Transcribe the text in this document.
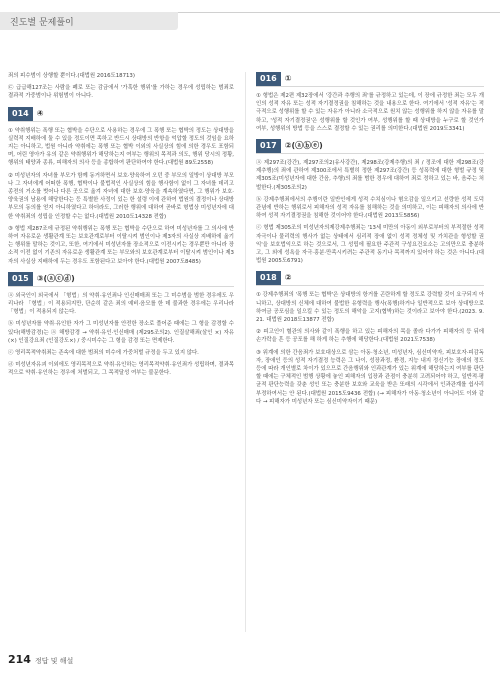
진도별 문제풀이

죄의 피수범이 상행할 뿐이다.(대법원 2016도18713)

㉢ 급급해127조는 사람을 폐로 또는 감금에서 '가혹한 행위'를 가하는 경우에 성립하는 범죄로 결과적 가중범이나 위험범이 아니다.

014	④

① 약취행위는 폭행 또는 협박을 수단으로 사용하는 경우에 그 폭행 또는 협박의 정도는 상대방을 실력적 지배하에 둘 수 있을 정도이면 족하고 반드시 상대방의 반항을 억압할 정도의 것임을 요하지는 아니하고, 법원 아니라 약취에는 폭행 또는 협박 이외의 사실상의 힘에 의한 경우도 포함되며, 어린 영아가 유의 같은 약취행위가 해당하는지 여부는 행위의 목적과 의도, 행위 당시의 정황, 행위의 태양과 종류, 피해자의 의사 등을 종합하여 판단하여야 한다.(대법원 89도2558)

② 미성년자의 자녀를 부모가 함께 동거하면서 보호·양육하여 오던 중 부모의 일방이 상대방 부모나 그 자녀에게 어떠한 폭행, 협박이나 불법적인 사실상의 힘을 행사함이 없이 그 자녀를 데리고 종전의 거소를 벗어나 다른 곳으로 옮겨 자녀에 대한 보호·양육을 계속하였다면, 그 행위가 보호·양육권의 남용에 해당한다는 등 특별한 사정이 있는 한 설령 이에 관하여 법원의 결정이나 상대방 부모의 동의를 얻지 아니하였다고 하더라도, 그러한 행위에 대하여 곧바로 형법상 미성년자에 대한 약취죄의 성립을 인정할 수는 없다.(대법원 2010도14328 전합)

③ 형법 제287조에 규정된 약취행위는 폭행 또는 협박을 수단으로 하여 미성년자를 그 의사에 반하여 자유로운 생활관계 또는 보호관계로부터 이탈시켜 범인이나 제3자의 사실상 지배하에 옮기는 행위를 말하는 것이고, 또한, 여기에서 미성년자를 장소적으로 이전시키는 경우뿐만 아니라 장소적 이전 없이 기존의 자유로운 생활관계 또는 부모와의 보호관계로부터 이탈시켜 범인이나 제3자의 사실상 지배하에 두는 경우도 포함된다고 보아야 한다.(대법원 2007도8485)

015	③(ⓐⓒⓓ)

ⓐ 외국인이 외국에서 「형법」의 약취·유인죄나 인신매매죄 또는 그 미수범을 범한 경우에도 우리나라 「형법」이 적용되지만, 단순히 같은 죄의 예비·음모를 한 데 불과한 경우에는 우리나라 「형법」이 적용되지 않는다.

ⓑ 미성년자를 약취·유인한 자가 그 미성년자를 안전한 장소로 풀어준 때에는 그 형을 감경할 수 있다(해방감경)는 ⓐ 해방감경 → 약취·유인·인신매매 (제295조의2). 인질살해죄(살인 ×) 자유(×) 인질강요죄 (인질강도×) / 중시미수는 그 형을 감경 또는 면제한다.

ⓒ 영리목적약취죄는 존속에 대한 범죄의 미수에 가중처벌 규정을 두고 있지 않다.

ⓓ 미성년자유괴 이외에도 영리목적으로 약취·유인하는 영리목적약취·유인죄가 성립하며, 결과목적으로 약취·유인하는 경우에 처벌되고, 그 목적달성 여부는 불문한다.

016	①

① 형법은 제2편 제32장에서 '강간과 추행의 죄'를 규정하고 있는데, 이 장에 규정한 죄는 모두 개인의 성적 자유 또는 성적 자기결정권을 침해하는 것을 내용으로 한다. 여기에서 '성적 자유'는 적극적으로 성행위를 할 수 있는 자유가 아니라 소극적으로 원치 않는 성행위를 하지 않을 자유를 말하고, '성적 자기결정권'은 성행위를 할 것인가 여부, 성행위를 할 때 상대방을 누구로 할 것인가 여부, 성행위의 방법 등을 스스로 결정할 수 있는 권리를 의미한다.(대법원 2019도3341)

017	②(ⓐⓑⓔ)

ⓐ 제297조(강간), 제297조의2(유사강간), 제298조(강제추행)의 죄 / 정조에 대한 제298조(강제추행)의 죄에 관하여 제300조에서 특별히 정한 제297조(강간) 등 성폭력에 대한 형벌 규정 및 제305조(미성년자에 대한 간음, 추행)의 죄를 범한 경우에 대하여 죄로 정하고 있는 바, 음주는 처벌한다.(제305조의2)

ⓑ 강제추행죄에서의 추행이란 일반인에게 성적 수치심이나 혐오감을 일으키고 선량한 성적 도덕관념에 반하는 행위로서 피해자의 성적 자유를 침해하는 것을 의미하고, 이는 피해자의 의사에 반하여 성적 자기결정권을 침해한 것이어야 한다.(대법원 2013도5856)

ⓒ 형법 제305조의 미성년자의제강제추행죄는 '13세 미만의 아동이 외부로부터의 부적절한 성적 자극이나 물리력의 행사가 없는 상태에서 심리적 장애 없이 성적 정체성 및 가치관을 형성할 권익'을 보호법익으로 하는 것으로서, 그 성립에 필요한 주관적 구성요건요소는 고의만으로 충분하고, 그 외에 성욕을 자극·흥분·만족시키려는 주관적 동기나 목적까지 있어야 하는 것은 아니다.(대법원 2005도6791)

018	②

① 강제추행죄의 '폭행 또는 협박'은 상대방의 항거를 곤란하게 할 정도로 강력할 것이 요구되지 아니하고, 상대방의 신체에 대하여 불법한 유형력을 행사(폭행)하거나 일반적으로 보아 상대방으로 하여금 공포심을 일으킬 수 있는 정도의 해악을 고지(협박)하는 것이라고 보아야 한다.(2023. 9. 21. 대법원 2018도13877 전합)

② 피고인이 혈관의 의사와 같이 폭행을 하고 있는 피해자의 목을 졸라 다가가 피해자의 등 뒤에 손가락을 흔 등 공포를 해 하게 하는 추행에 해당한다.(대법원 2021도7538)

③ 위계에 의한 간음죄가 보호대상으로 삼는 아동·청소년, 미성년자, 심신미약자, 피보호자·피감독자, 장애인 등의 성적 자기결정 능력은 그 나이, 성장과정, 환경, 지능 내지 정신기능 장애의 정도 등에 따라 개인별로 차이가 있으므로 간음행위와 인과관계가 있는 위계에 해당하는지 여부를 판단할 때에는 구체적인 범행 상황에 놓인 피해자의 입장과 관점이 충분히 고려되어야 하고, 일반적·평균적 판단능력을 갖춘 성인 또는 충분한 보호와 교육을 받은 또래의 시각에서 인과관계를 쉽사리 부정하여서는 안 된다.(대법원 2015도9436 전합) (→ 피해자가 아동·청소년이 아니어도 이와 같다 → 피해자가 미성년자 또는 심신미약자이기 때문)

214 정답 및 해설
